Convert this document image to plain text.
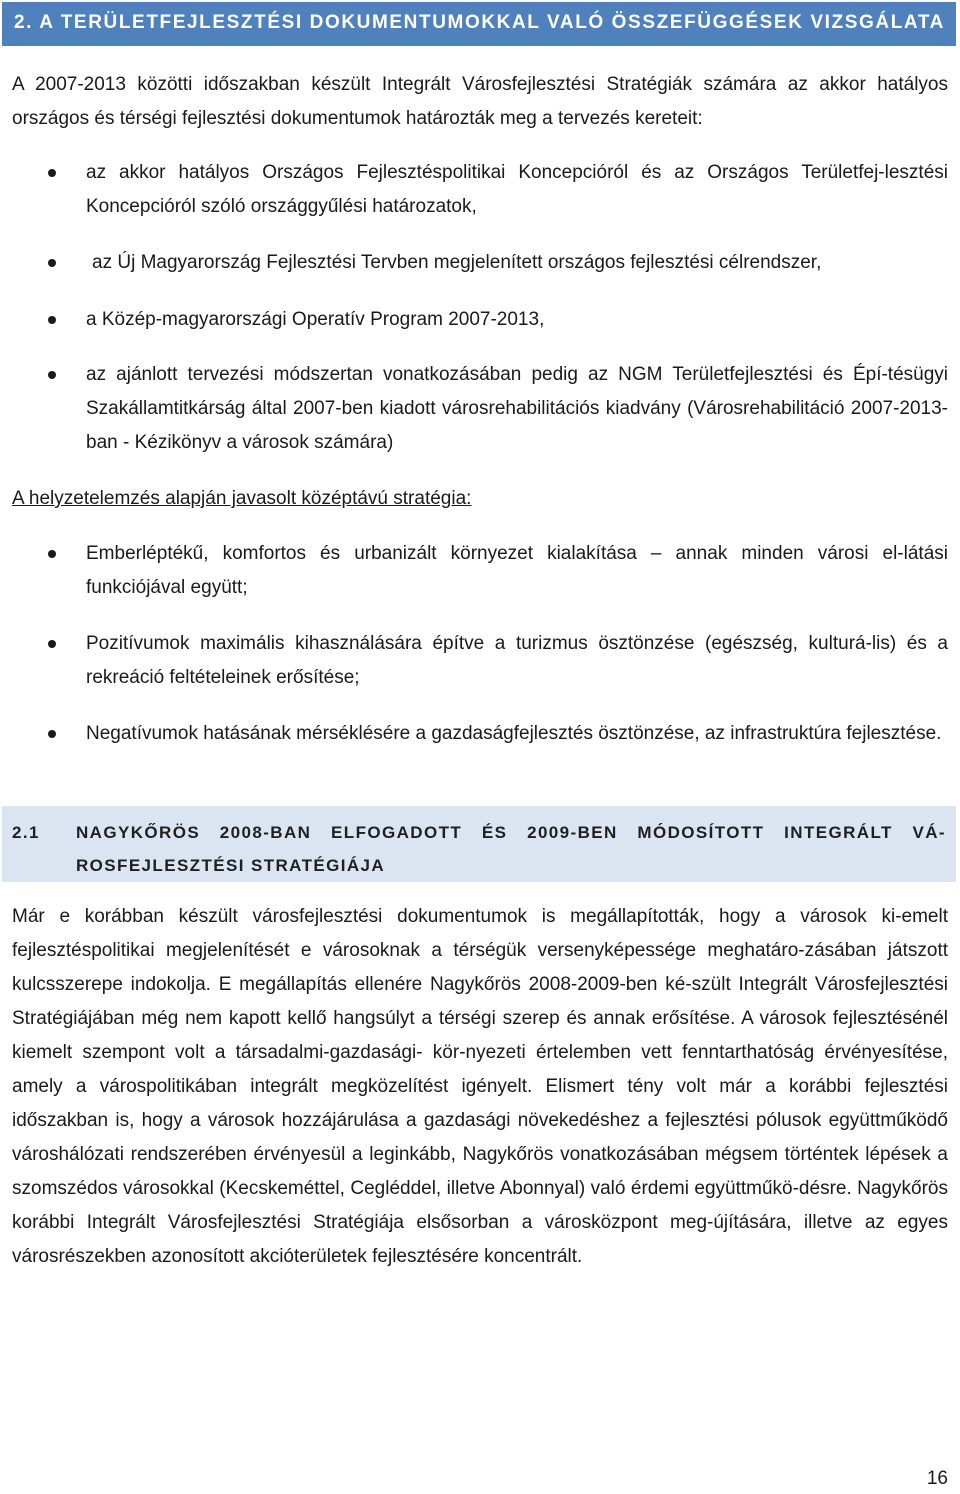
2. A TERÜLETFEJLESZTÉSI DOKUMENTUMOKKAL VALÓ ÖSSZEFÜGGÉSEK VIZSGÁLATA

A 2007-2013 közötti időszakban készült Integrált Városfejlesztési Stratégiák számára az akkor hatályos országos és térségi fejlesztési dokumentumok határozták meg a tervezés kereteit:

az akkor hatályos Országos Fejlesztéspolitikai Koncepcióról és az Országos Területfej-lesztési Koncepcióról szóló országgyűlési határozatok,

az Új Magyarország Fejlesztési Tervben megjelenített országos fejlesztési célrendszer,

a Közép-magyarországi Operatív Program 2007-2013,

az ajánlott tervezési módszertan vonatkozásában pedig az NGM Területfejlesztési és Épí-tésügyi Szakállamtitkárság által 2007-ben kiadott városrehabilitációs kiadvány (Városrehabilitáció 2007-2013-ban - Kézikönyv a városok számára)

A helyzetelemzés alapján javasolt középtávú stratégia:

Emberléptékű, komfortos és urbanizált környezet kialakítása – annak minden városi el-látási funkciójával együtt;

Pozitívumok maximális kihasználására építve a turizmus ösztönzése (egészség, kulturá-lis) és a rekreáció feltételeinek erősítése;

Negatívumok hatásának mérséklésére a gazdaságfejlesztés ösztönzése, az infrastruktúra fejlesztése.

2.1 NAGYKŐRÖS 2008-BAN ELFOGADOTT ÉS 2009-BEN MÓDOSÍTOTT INTEGRÁLT VÁ-ROSFEJLESZTÉSI STRATÉGIÁJA

Már e korábban készült városfejlesztési dokumentumok is megállapították, hogy a városok ki-emelt fejlesztéspolitikai megjelenítését e városoknak a térségük versenyképessége meghatáro-zásában játszott kulcsszerepe indokolja. E megállapítás ellenére Nagykőrös 2008-2009-ben ké-szült Integrált Városfejlesztési Stratégiájában még nem kapott kellő hangsúlyt a térségi szerep és annak erősítése. A városok fejlesztésénél kiemelt szempont volt a társadalmi-gazdasági- kör-nyezeti értelemben vett fenntarthatóság érvényesítése, amely a várospolitikában integrált megközelítést igényelt. Elismert tény volt már a korábbi fejlesztési időszakban is, hogy a városok hozzájárulása a gazdasági növekedéshez a fejlesztési pólusok együttműködő városhálózati rendszerében érvényesül a leginkább, Nagykőrös vonatkozásában mégsem történtek lépések a szomszédos városokkal (Kecskeméttel, Cegléddel, illetve Abonnyal) való érdemi együttműkö-désre. Nagykőrös korábbi Integrált Városfejlesztési Stratégiája elsősorban a városközpont meg-újítására, illetve az egyes városrészekben azonosított akcióterületek fejlesztésére koncentrált.

16
